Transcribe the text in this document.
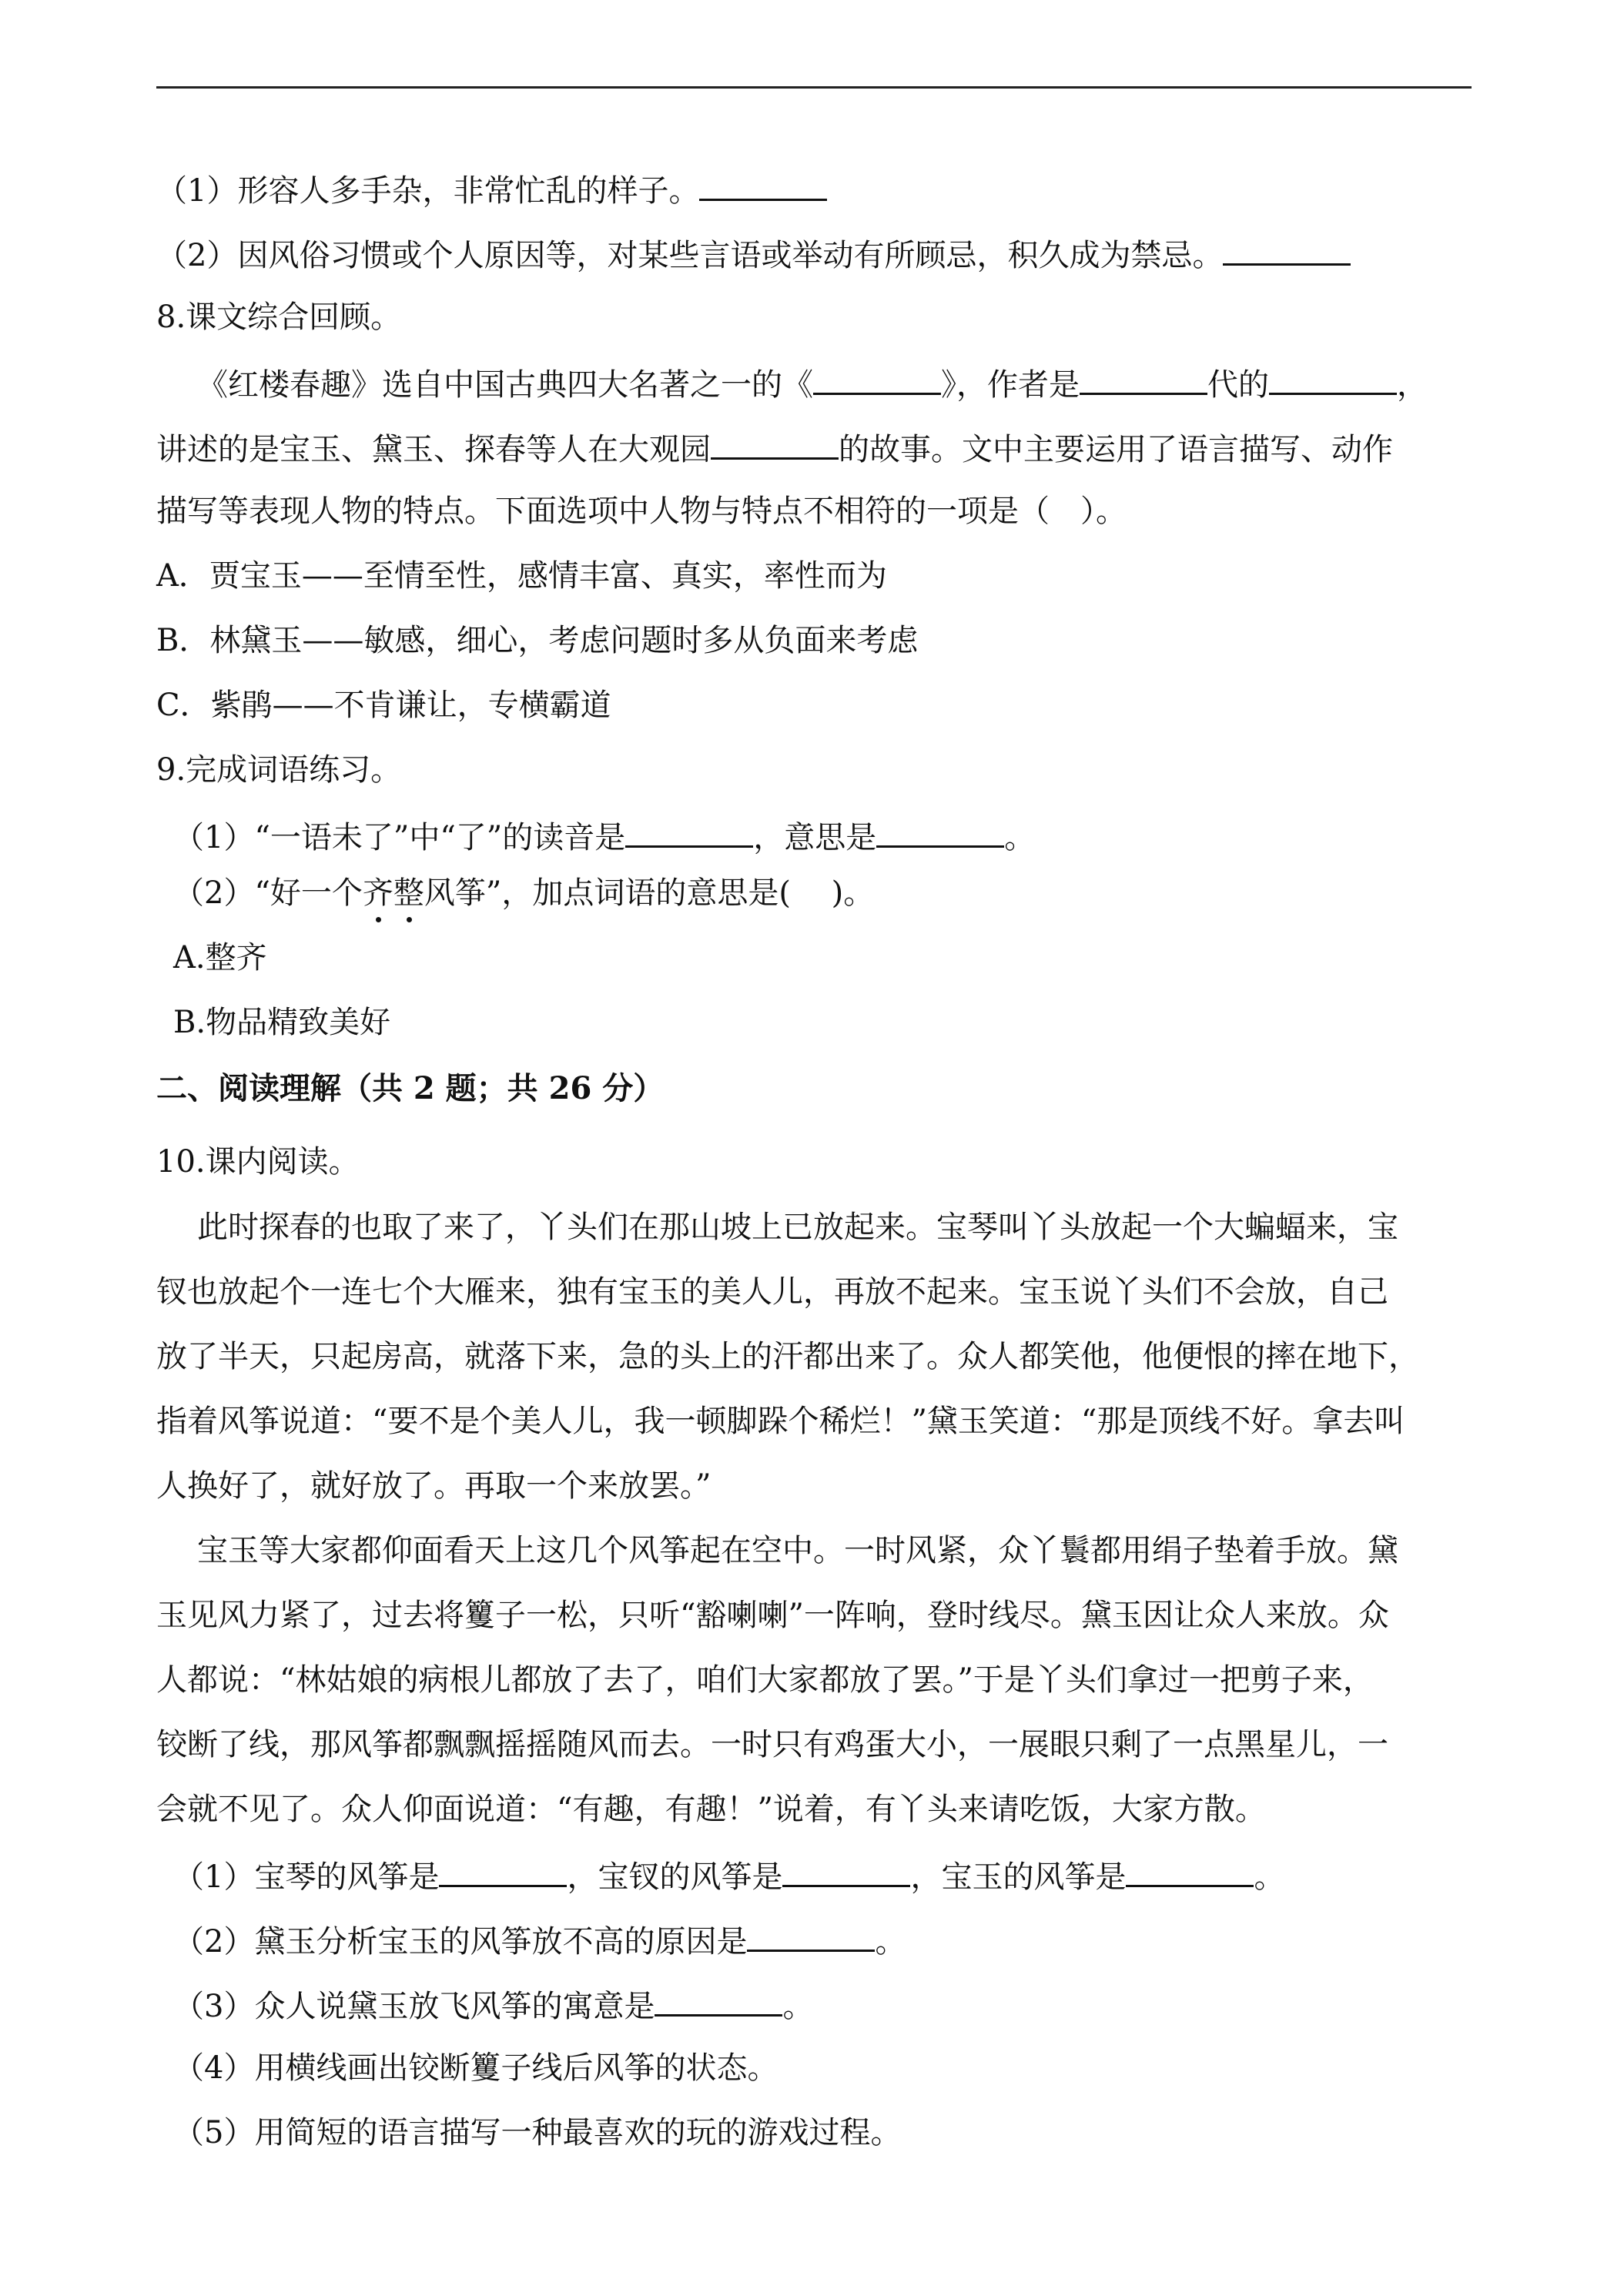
（1）形容人多手杂，非常忙乱的样子。
（2）因风俗习惯或个人原因等，对某些言语或举动有所顾忌，积久成为禁忌。
8.课文综合回顾。
《红楼春趣》选自中国古典四大名著之一的《	》，作者是	代的	，
讲述的是宝玉、黛玉、探春等人在大观园	的故事。文中主要运用了语言描写、动作
描写等表现人物的特点。下面选项中人物与特点不相符的一项是（　）。
A．贾宝玉——至情至性，感情丰富、真实，率性而为
B．林黛玉——敏感，细心，考虑问题时多从负面来考虑
C．紫鹃——不肯谦让，专横霸道
9.完成词语练习。
（1）“一语未了”中“了”的读音是	，意思是	。
（2）“好一个齐整风筝”，加点词语的意思是(　 )。
A.整齐
B.物品精致美好
二、阅读理解（共 2 题；共 26 分）
10.课内阅读。
此时探春的也取了来了，丫头们在那山坡上已放起来。宝琴叫丫头放起一个大蝙蝠来，宝
钗也放起个一连七个大雁来，独有宝玉的美人儿，再放不起来。宝玉说丫头们不会放，自己
放了半天，只起房高，就落下来，急的头上的汗都出来了。众人都笑他，他便恨的摔在地下，
指着风筝说道：“要不是个美人儿，我一顿脚跺个稀烂！”黛玉笑道：“那是顶线不好。拿去叫
人换好了，就好放了。再取一个来放罢。”
宝玉等大家都仰面看天上这几个风筝起在空中。一时风紧，众丫鬟都用绢子垫着手放。黛
玉见风力紧了，过去将籰子一松，只听“豁喇喇”一阵响，登时线尽。黛玉因让众人来放。众
人都说：“林姑娘的病根儿都放了去了，咱们大家都放了罢。”于是丫头们拿过一把剪子来，
铰断了线，那风筝都飘飘摇摇随风而去。一时只有鸡蛋大小，一展眼只剩了一点黑星儿，一
会就不见了。众人仰面说道：“有趣，有趣！”说着，有丫头来请吃饭，大家方散。
（1）宝琴的风筝是	，宝钗的风筝是	，宝玉的风筝是	。
（2）黛玉分析宝玉的风筝放不高的原因是	。
（3）众人说黛玉放飞风筝的寓意是	。
（4）用横线画出铰断籰子线后风筝的状态。
（5）用简短的语言描写一种最喜欢的玩的游戏过程。
